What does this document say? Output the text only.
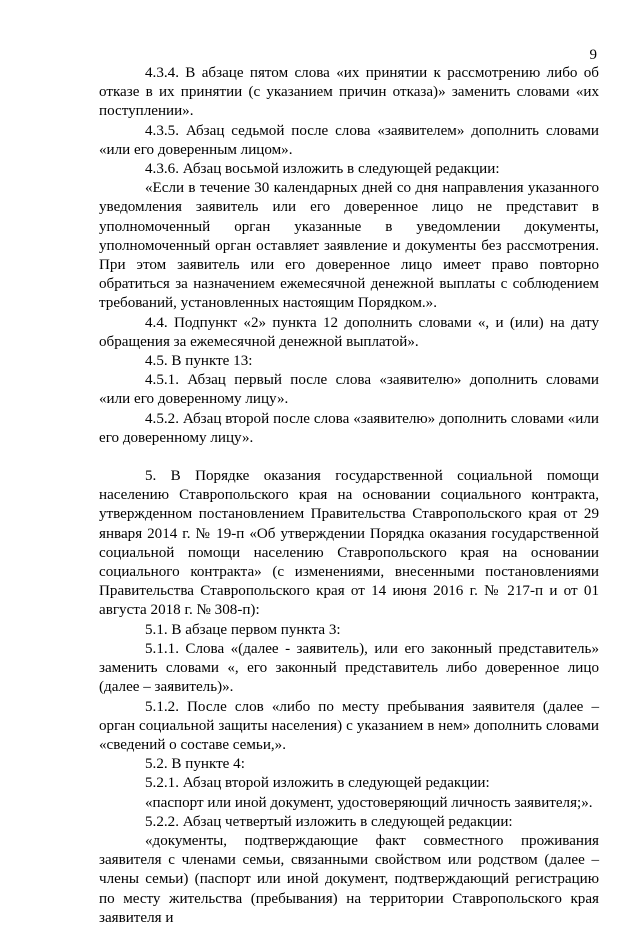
9

4.3.4. В абзаце пятом слова «их принятии к рассмотрению либо об отказе в их принятии (с указанием причин отказа)» заменить словами «их поступлении».

4.3.5. Абзац седьмой после слова «заявителем» дополнить словами «или его доверенным лицом».

4.3.6. Абзац восьмой изложить в следующей редакции:

«Если в течение 30 календарных дней со дня направления указанного уведомления заявитель или его доверенное лицо не представит в уполномоченный орган указанные в уведомлении документы, уполномоченный орган оставляет заявление и документы без рассмотрения. При этом заявитель или его доверенное лицо имеет право повторно обратиться за назначением ежемесячной денежной выплаты с соблюдением требований, установленных настоящим Порядком.».

4.4. Подпункт «2» пункта 12 дополнить словами «, и (или) на дату обращения за ежемесячной денежной выплатой».

4.5. В пункте 13:

4.5.1. Абзац первый после слова «заявителю» дополнить словами «или его доверенному лицу».

4.5.2. Абзац второй после слова «заявителю» дополнить словами «или его доверенному лицу».

5. В Порядке оказания государственной социальной помощи населению Ставропольского края на основании социального контракта, утвержденном постановлением Правительства Ставропольского края от 29 января 2014 г. № 19-п «Об утверждении Порядка оказания государственной социальной помощи населению Ставропольского края на основании социального контракта» (с изменениями, внесенными постановлениями Правительства Ставропольского края от 14 июня 2016 г. № 217-п и от 01 августа 2018 г. № 308-п):

5.1. В абзаце первом пункта 3:

5.1.1. Слова «(далее - заявитель), или его законный представитель» заменить словами «, его законный представитель либо доверенное лицо (далее – заявитель)».

5.1.2. После слов «либо по месту пребывания заявителя (далее – орган социальной защиты населения) с указанием в нем» дополнить словами «сведений о составе семьи,».

5.2. В пункте 4:

5.2.1. Абзац второй изложить в следующей редакции:

«паспорт или иной документ, удостоверяющий личность заявителя;».

5.2.2. Абзац четвертый изложить в следующей редакции:

«документы, подтверждающие факт совместного проживания заявителя с членами семьи, связанными свойством или родством (далее – члены семьи) (паспорт или иной документ, подтверждающий регистрацию по месту жительства (пребывания) на территории Ставропольского края заявителя и
